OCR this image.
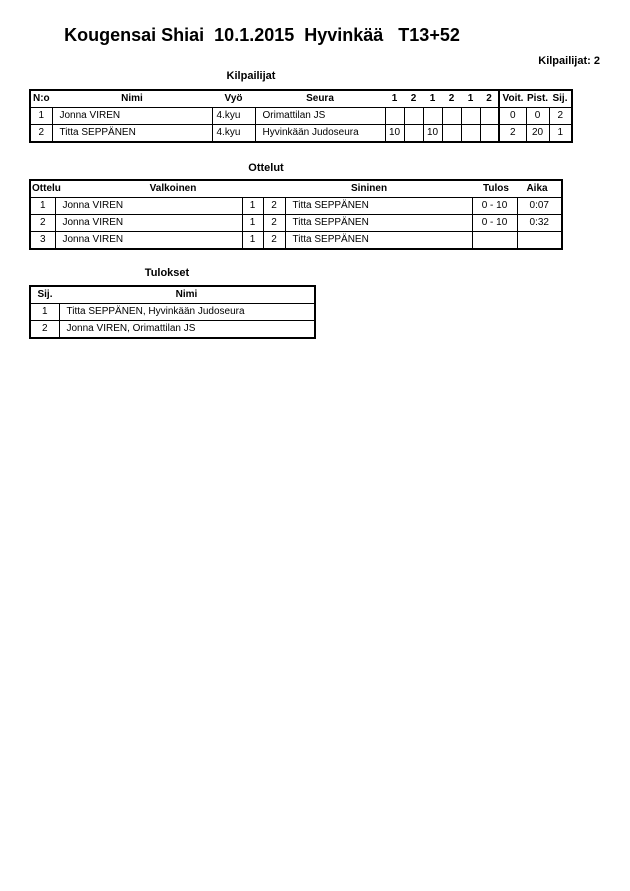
Kougensai Shiai  10.1.2015  Hyvinkää   T13+52
Kilpailijat: 2
Kilpailijat
N:o	Nimi	Vyö	Seura	1	2	1	2	1	2	Voit.	Pist.	Sij.
1	Jonna VIREN	4.kyu	Orimattilan JS							0	0	2
2	Titta SEPPÄNEN	4.kyu	Hyvinkään Judoseura	10		10				2	20	1
Ottelut
Ottelu Valkoinen Sininen Tulos Aika						

1	Jonna VIREN	1	2	Titta SEPPÄNEN	0 - 10	0:07
2	Jonna VIREN	1	2	Titta SEPPÄNEN	0 - 10	0:32
3	Jonna VIREN	1	2	Titta SEPPÄNEN		
Tulokset
Sij.	Nimi
1	Titta SEPPÄNEN, Hyvinkään Judoseura
2	Jonna VIREN, Orimattilan JS
